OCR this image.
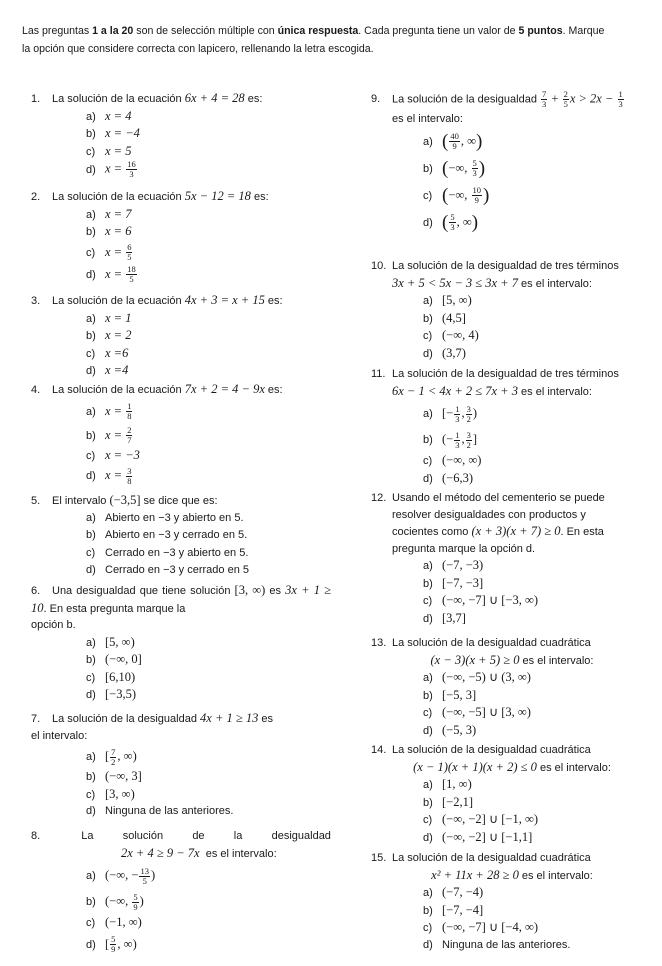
Las preguntas 1 a la 20 son de selección múltiple con única respuesta. Cada pregunta tiene un valor de 5 puntos. Marque
la opción que considere correcta con lapicero, rellenando la letra escogida.
1. La solución de la ecuación 6x + 4 = 28 es:
a) x = 4
b) x = −4
c) x = 5
d) $x = \frac{16}{3}$
2. La solución de la ecuación 5x − 12 = 18 es:
a) x = 7
b) x = 6
c) $x = \frac{6}{5}$
d) $x = \frac{18}{5}$
3. La solución de la ecuación 4x + 3 = x + 15 es:
a) x = 1
b) x = 2
c) x =6
d) x =4
4. La solución de la ecuación 7x + 2 = 4 − 9x es:
a) $x = \frac{1}{8}$
b) $x = \frac{2}{7}$
c) x = −3
d) $x = \frac{3}{8}$
5. El intervalo (−3,5] se dice que es:
a) Abierto en −3 y abierto en 5.
b) Abierto en −3 y cerrado en 5.
c) Cerrado en −3 y abierto en 5.
d) Cerrado en −3 y cerrado en 5
6. Una desigualdad que tiene solución [3, ∞) es 3x + 1 ≥ 10. En esta pregunta marque la
opción b.
a) [5, ∞)
b) (−∞, 0]
c) [6,10)
d) [−3,5)
7. La solución de la desigualdad 4x + 1 ≥ 13 es
el intervalo:
a) [ $\frac{7}{2}$ , ∞)
b) (−∞, 3]
c) [3, ∞)
d) Ninguna de las anteriores.
8.	La	solución	de	la	desigualdad
2x + 4 ≥ 9 − 7x es el intervalo:
a) (−∞, − $\frac{13}{5}$ )
b) (−∞, $\frac{5}{9}$ )
c) (−1, ∞)
d) [ $\frac{5}{9}$ , ∞)
9. La solución de la desigualdad $\frac{7}{3} + \frac{2}{5}$ $x > 2x - \frac{1}{3}$
es el intervalo:
a) ( $\frac{40}{9}$ , ∞)
b) (−∞, $\frac{5}{3}$ )
c) (−∞, $\frac{10}{9}$ )
d) ( $\frac{5}{3}$ , ∞)
10. La solución de la desigualdad de tres términos
3x + 5 < 5x − 3 ≤ 3x + 7 es el intervalo:
a) [5, ∞)
b) (4,5]
c) (−∞, 4)
d) (3,7)
11. La solución de la desigualdad de tres términos
6x − 1 < 4x + 2 ≤ 7x + 3 es el intervalo:
a) [− $\frac{1}{3}$ , $\frac{3}{2}$ )
b) (− $\frac{1}{3}$ , $\frac{3}{2}$ ]
c) (−∞, ∞)
d) (−6,3)
12. Usando el método del cementerio se puede
resolver desigualdades con productos y
cocientes como (x + 3)(x + 7) ≥ 0. En esta
pregunta marque la opción d.
a) (−7, −3)
b) [−7, −3]
c) (−∞, −7] ∪ [−3, ∞)
d) [3,7]
13. La solución de la desigualdad cuadrática
(x − 3)(x + 5) ≥ 0 es el intervalo:
a) (−∞, −5) ∪ (3, ∞)
b) [−5, 3]
c) (−∞, −5] ∪ [3, ∞)
d) (−5, 3)
14. La solución de la desigualdad cuadrática
(x − 1)(x + 1)(x + 2) ≤ 0 es el intervalo:
a) [1, ∞)
b) [−2,1]
c) (−∞, −2] ∪ [−1, ∞)
d) (−∞, −2] ∪ [−1,1]
15. La solución de la desigualdad cuadrática
x² + 11x + 28 ≥ 0 es el intervalo:
a) (−7, −4)
b) [−7, −4]
c) (−∞, −7] ∪ [−4, ∞)
d) Ninguna de las anteriores.
